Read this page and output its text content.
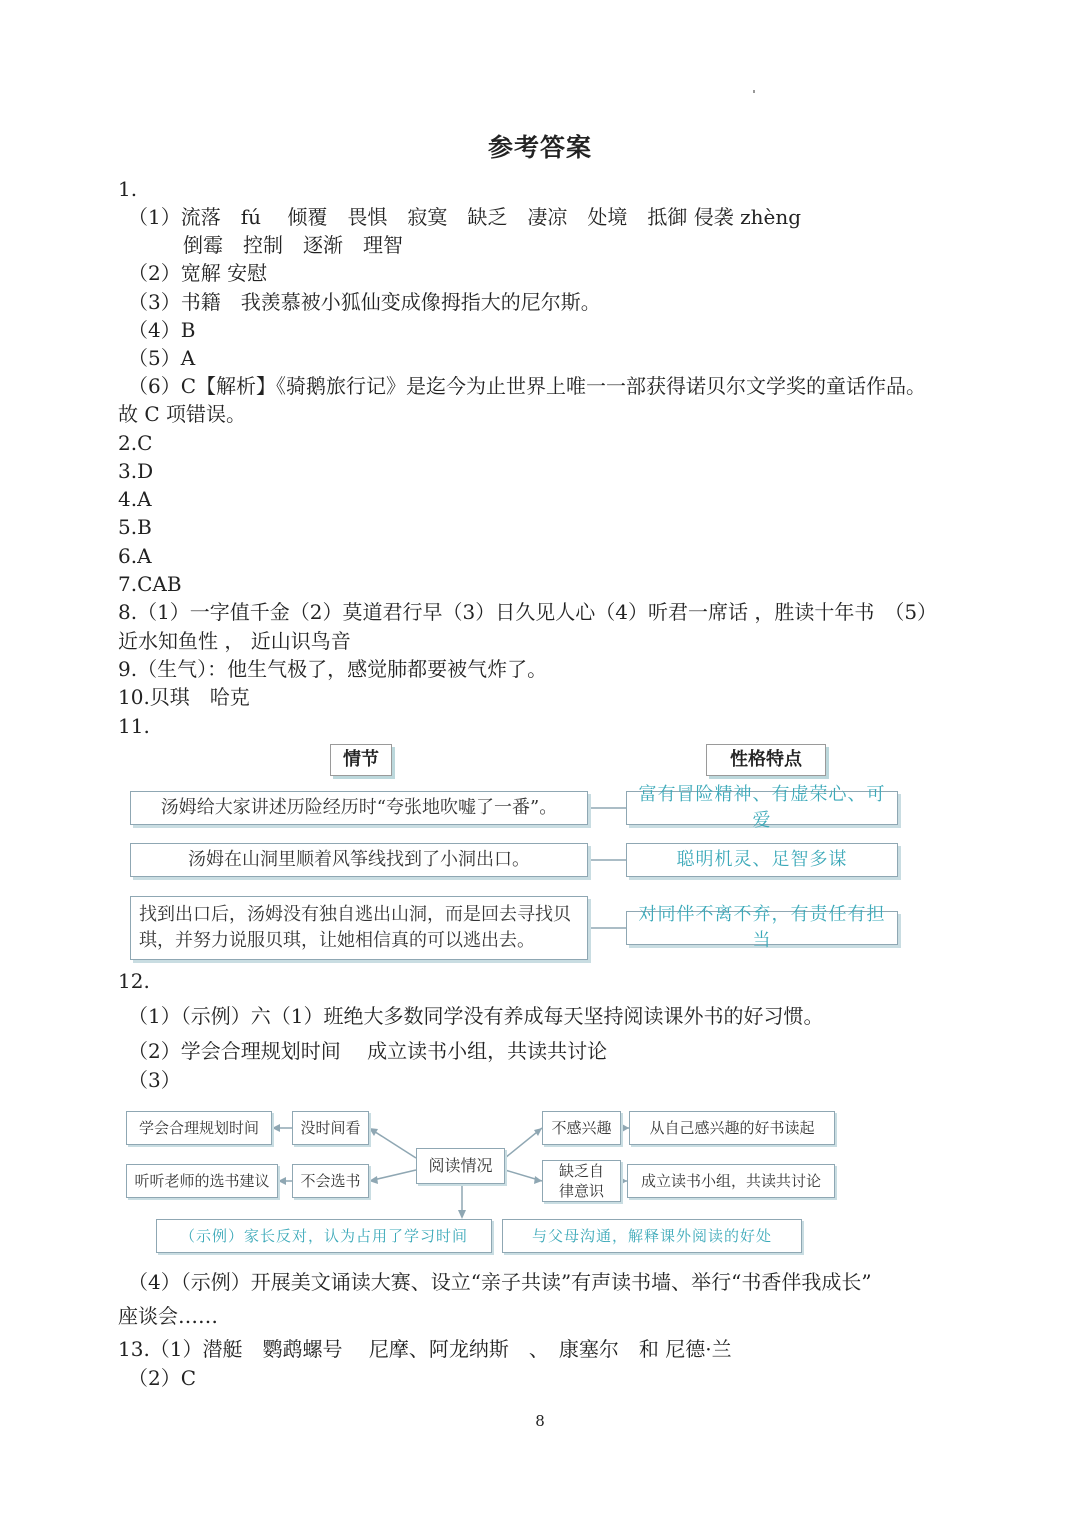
参考答案
1.
（1）流落　fú　 倾覆　畏惧　寂寞　缺乏　凄凉　处境　抵御 侵袭 zhèng
倒霉　控制　逐渐　理智
（2）宽解 安慰
（3）书籍　我羡慕被小狐仙变成像拇指大的尼尔斯。
（4）B
（5）A
（6）C【解析】《骑鹅旅行记》是迄今为止世界上唯一一部获得诺贝尔文学奖的童话作品。
故 C 项错误。
2.C
3.D
4.A
5.B
6.A
7.CAB
8.（1）一字值千金（2）莫道君行早（3）日久见人心（4）听君一席话 ，胜读十年书　（5）
近水知鱼性 ， 近山识鸟音
9.（生气）：他生气极了，感觉肺都要被气炸了。
10.贝琪　哈克
11.
情节	性格特点
汤姆给大家讲述历险经历时“夸张地吹嘘了一番”。
汤姆在山洞里顺着风筝线找到了小洞出口。
找到出口后，汤姆没有独自逃出山洞，而是回去寻找贝琪，并努力说服贝琪，让她相信真的可以逃出去。
富有冒险精神、有虚荣心、可爱
聪明机灵、足智多谋
对同伴不离不弃，有责任有担当
12.
（1）（示例）六（1）班绝大多数同学没有养成每天坚持阅读课外书的好习惯。
（2）学会合理规划时间　 成立读书小组，共读共讨论
（3）
学会合理规划时间
听听老师的选书建议
没时间看
不会选书
阅读情况
不感兴趣
缺乏自律意识
从自己感兴趣的好书读起
成立读书小组，共读共讨论
（示例）家长反对，认为占用了学习时间	与父母沟通，解释课外阅读的好处
（4）（示例）开展美文诵读大赛、设立“亲子共读”有声读书墙、举行“书香伴我成长”
座谈会……
13.（1）潜艇　鹦鹉螺号　 尼摩、阿龙纳斯　、　康塞尔　和 尼德·兰
（2）C
8
